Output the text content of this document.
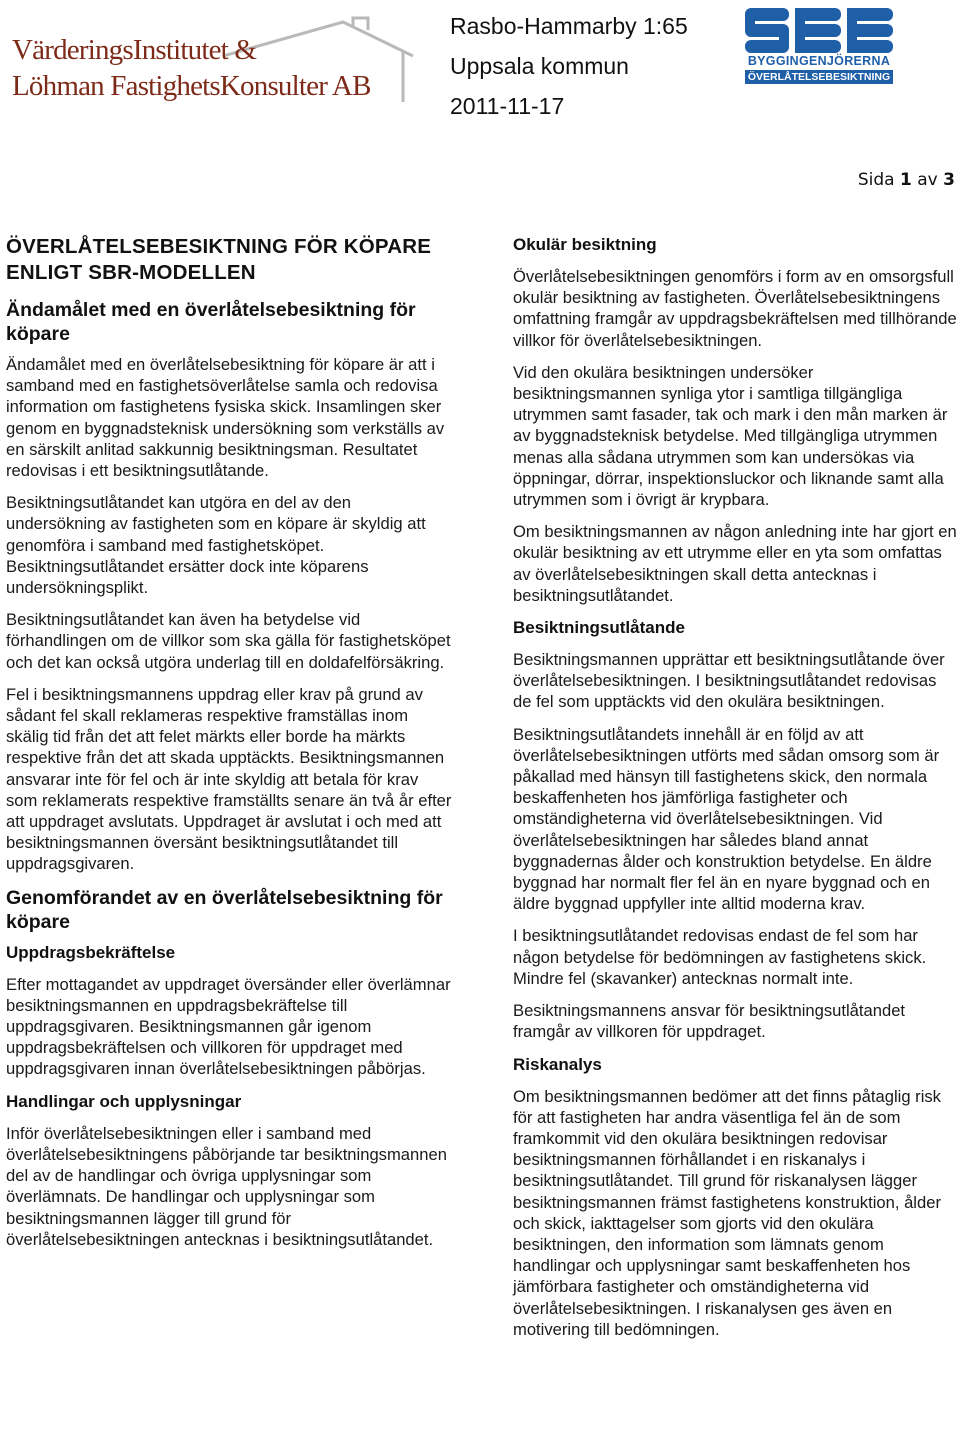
VärderingsInstitutet &
Löhman FastighetsKonsulter AB
Rasbo-Hammarby 1:65
Uppsala kommun
2011-11-17
BYGGINGENJÖRERNA
ÖVERLÅTELSEBESIKTNING
Sida 1 av 3
ÖVERLÅTELSEBESIKTNING FÖR KÖPARE ENLIGT SBR-MODELLEN
Ändamålet med en överlåtelsebesiktning för köpare

Ändamålet med en överlåtelsebesiktning för köpare är att i samband med en fastighetsöverlåtelse samla och redovisa information om fastighetens fysiska skick. Insamlingen sker genom en byggnadsteknisk undersökning som verkställs av en särskilt anlitad sakkunnig besiktningsman. Resultatet redovisas i ett besiktningsutlåtande.

Besiktningsutlåtandet kan utgöra en del av den undersökning av fastigheten som en köpare är skyldig att genomföra i samband med fastighetsköpet. Besiktningsutlåtandet ersätter dock inte köparens undersökningsplikt.

Besiktningsutlåtandet kan även ha betydelse vid förhandlingen om de villkor som ska gälla för fastighetsköpet och det kan också utgöra underlag till en doldafelförsäkring.

Fel i besiktningsmannens uppdrag eller krav på grund av sådant fel skall reklameras respektive framställas inom skälig tid från det att felet märkts eller borde ha märkts respektive från det att skada upptäckts. Besiktningsmannen ansvarar inte för fel och är inte skyldig att betala för krav som reklamerats respektive framställts senare än två år efter att uppdraget avslutats. Uppdraget är avslutat i och med att besiktningsmannen översänt besiktningsutlåtandet till uppdragsgivaren.

Genomförandet av en överlåtelsebesiktning för köpare
Uppdragsbekräftelse

Efter mottagandet av uppdraget översänder eller överlämnar besiktningsmannen en uppdragsbekräftelse till uppdragsgivaren. Besiktningsmannen går igenom uppdragsbekräftelsen och villkoren för uppdraget med uppdragsgivaren innan överlåtelsebesiktningen påbörjas.

Handlingar och upplysningar

Inför överlåtelsebesiktningen eller i samband med överlåtelsebesiktningens påbörjande tar besiktningsmannen del av de handlingar och övriga upplysningar som överlämnats. De handlingar och upplysningar som besiktningsmannen lägger till grund för överlåtelsebesiktningen antecknas i besiktningsutlåtandet.

Okulär besiktning

Överlåtelsebesiktningen genomförs i form av en omsorgsfull okulär besiktning av fastigheten. Överlåtelsebesiktningens omfattning framgår av uppdragsbekräftelsen med tillhörande villkor för överlåtelsebesiktningen.

Vid den okulära besiktningen undersöker besiktningsmannen synliga ytor i samtliga tillgängliga utrymmen samt fasader, tak och mark i den mån marken är av byggnadsteknisk betydelse. Med tillgängliga utrymmen menas alla sådana utrymmen som kan undersökas via öppningar, dörrar, inspektionsluckor och liknande samt alla utrymmen som i övrigt är krypbara.

Om besiktningsmannen av någon anledning inte har gjort en okulär besiktning av ett utrymme eller en yta som omfattas av överlåtelsebesiktningen skall detta antecknas i besiktningsutlåtandet.

Besiktningsutlåtande

Besiktningsmannen upprättar ett besiktningsutlåtande över överlåtelsebesiktningen. I besiktningsutlåtandet redovisas de fel som upptäckts vid den okulära besiktningen.

Besiktningsutlåtandets innehåll är en följd av att överlåtelsebesiktningen utförts med sådan omsorg som är påkallad med hänsyn till fastighetens skick, den normala beskaffenheten hos jämförliga fastigheter och omständigheterna vid överlåtelsebesiktningen. Vid överlåtelsebesiktningen har således bland annat byggnadernas ålder och konstruktion betydelse. En äldre byggnad har normalt fler fel än en nyare byggnad och en äldre byggnad uppfyller inte alltid moderna krav.

I besiktningsutlåtandet redovisas endast de fel som har någon betydelse för bedömningen av fastighetens skick. Mindre fel (skavanker) antecknas normalt inte.

Besiktningsmannens ansvar för besiktningsutlåtandet framgår av villkoren för uppdraget.

Riskanalys

Om besiktningsmannen bedömer att det finns påtaglig risk för att fastigheten har andra väsentliga fel än de som framkommit vid den okulära besiktningen redovisar besiktningsmannen förhållandet i en riskanalys i besiktningsutlåtandet. Till grund för riskanalysen lägger besiktningsmannen främst fastighetens konstruktion, ålder och skick, iakttagelser som gjorts vid den okulära besiktningen, den information som lämnats genom handlingar och upplysningar samt beskaffenheten hos jämförbara fastigheter och omständigheterna vid överlåtelsebesiktningen. I riskanalysen ges även en motivering till bedömningen.
